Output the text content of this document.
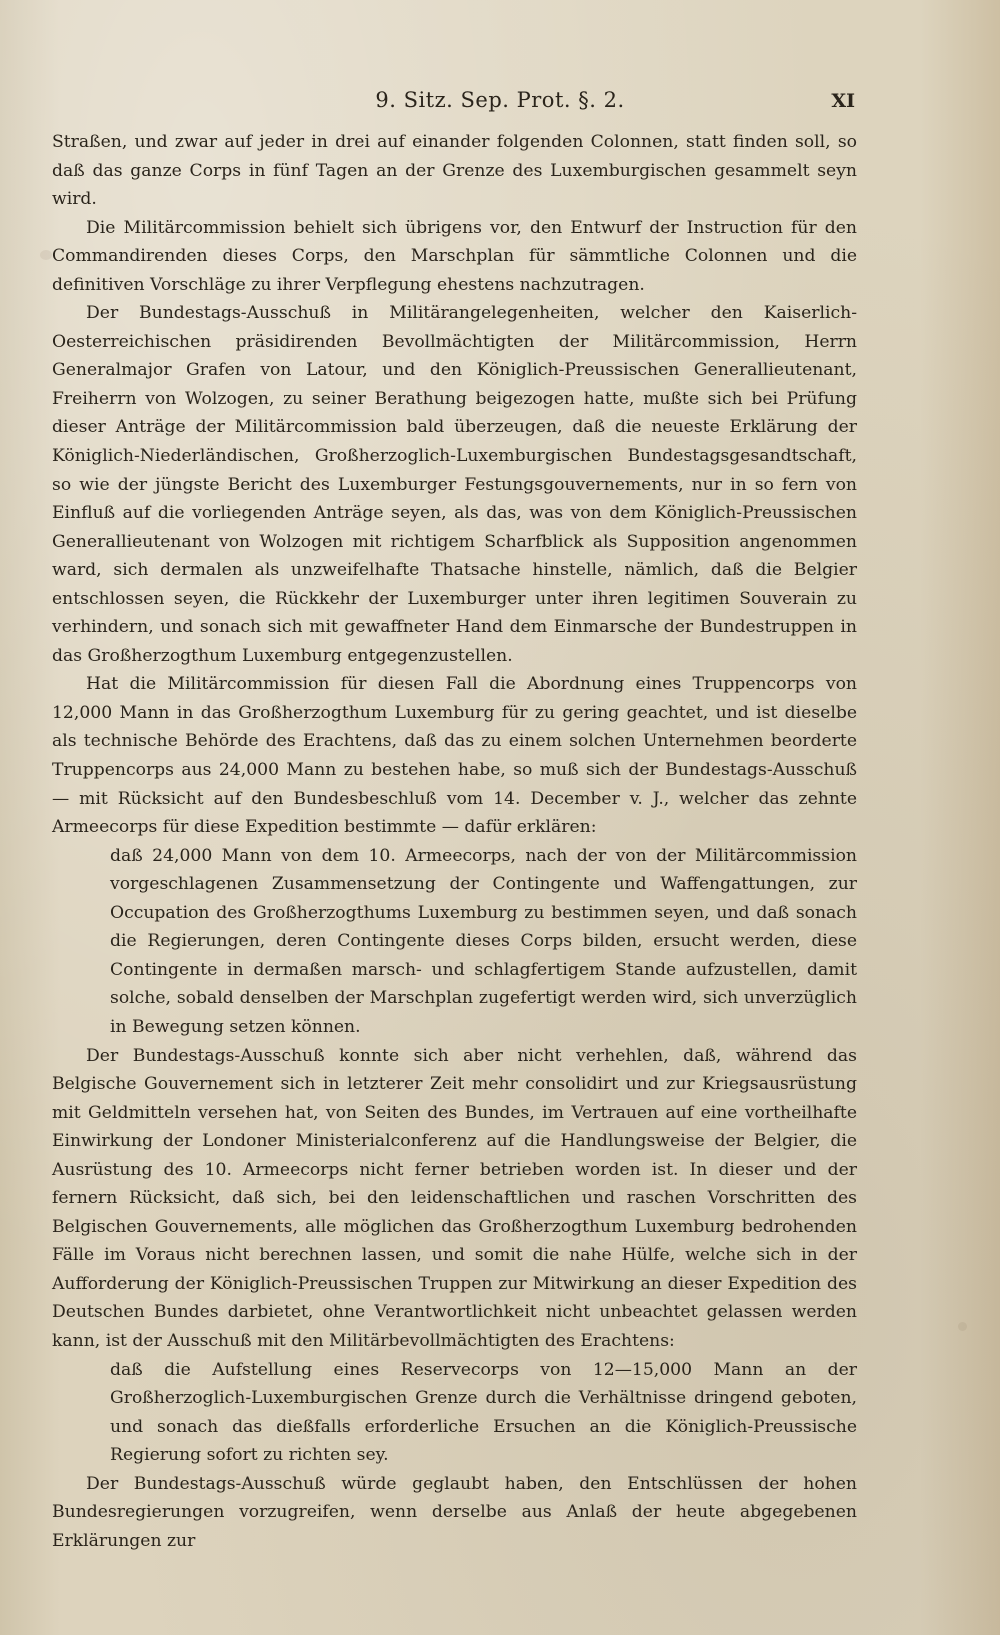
9. Sitz. Sep. Prot. §. 2.	XI

Straßen, und zwar auf jeder in drei auf einander folgenden Colonnen, statt finden soll, so daß das ganze Corps in fünf Tagen an der Grenze des Luxemburgischen gesammelt seyn wird.

Die Militärcommission behielt sich übrigens vor, den Entwurf der Instruction für den Commandirenden dieses Corps, den Marschplan für sämmtliche Colonnen und die definitiven Vorschläge zu ihrer Verpflegung ehestens nachzutragen.

Der Bundestags-Ausschuß in Militärangelegenheiten, welcher den Kaiserlich-Oesterreichischen präsidirenden Bevollmächtigten der Militärcommission, Herrn Generalmajor Grafen von Latour, und den Königlich-Preussischen Generallieutenant, Freiherrn von Wolzogen, zu seiner Berathung beigezogen hatte, mußte sich bei Prüfung dieser Anträge der Militärcommission bald überzeugen, daß die neueste Erklärung der Königlich-Niederländischen, Großherzoglich-Luxemburgischen Bundestagsgesandtschaft, so wie der jüngste Bericht des Luxemburger Festungsgouvernements, nur in so fern von Einfluß auf die vorliegenden Anträge seyen, als das, was von dem Königlich-Preussischen Generallieutenant von Wolzogen mit richtigem Scharfblick als Supposition angenommen ward, sich dermalen als unzweifelhafte Thatsache hinstelle, nämlich, daß die Belgier entschlossen seyen, die Rückkehr der Luxemburger unter ihren legitimen Souverain zu verhindern, und sonach sich mit gewaffneter Hand dem Einmarsche der Bundestruppen in das Großherzogthum Luxemburg entgegenzustellen.

Hat die Militärcommission für diesen Fall die Abordnung eines Truppencorps von 12,000 Mann in das Großherzogthum Luxemburg für zu gering geachtet, und ist dieselbe als technische Behörde des Erachtens, daß das zu einem solchen Unternehmen beorderte Truppencorps aus 24,000 Mann zu bestehen habe, so muß sich der Bundestags-Ausschuß — mit Rücksicht auf den Bundesbeschluß vom 14. December v. J., welcher das zehnte Armeecorps für diese Expedition bestimmte — dafür erklären:

daß 24,000 Mann von dem 10. Armeecorps, nach der von der Militärcommission vorgeschlagenen Zusammensetzung der Contingente und Waffengattungen, zur Occupation des Großherzogthums Luxemburg zu bestimmen seyen, und daß sonach die Regierungen, deren Contingente dieses Corps bilden, ersucht werden, diese Contingente in dermaßen marsch- und schlagfertigem Stande aufzustellen, damit solche, sobald denselben der Marschplan zugefertigt werden wird, sich unverzüglich in Bewegung setzen können.

Der Bundestags-Ausschuß konnte sich aber nicht verhehlen, daß, während das Belgische Gouvernement sich in letzterer Zeit mehr consolidirt und zur Kriegsausrüstung mit Geldmitteln versehen hat, von Seiten des Bundes, im Vertrauen auf eine vortheilhafte Einwirkung der Londoner Ministerialconferenz auf die Handlungsweise der Belgier, die Ausrüstung des 10. Armeecorps nicht ferner betrieben worden ist. In dieser und der fernern Rücksicht, daß sich, bei den leidenschaftlichen und raschen Vorschritten des Belgischen Gouvernements, alle möglichen das Großherzogthum Luxemburg bedrohenden Fälle im Voraus nicht berechnen lassen, und somit die nahe Hülfe, welche sich in der Aufforderung der Königlich-Preussischen Truppen zur Mitwirkung an dieser Expedition des Deutschen Bundes darbietet, ohne Verantwortlichkeit nicht unbeachtet gelassen werden kann, ist der Ausschuß mit den Militärbevollmächtigten des Erachtens:

daß die Aufstellung eines Reservecorps von 12—15,000 Mann an der Großherzoglich-Luxemburgischen Grenze durch die Verhältnisse dringend geboten, und sonach das dießfalls erforderliche Ersuchen an die Königlich-Preussische Regierung sofort zu richten sey.

Der Bundestags-Ausschuß würde geglaubt haben, den Entschlüssen der hohen Bundesregierungen vorzugreifen, wenn derselbe aus Anlaß der heute abgegebenen Erklärungen zur
